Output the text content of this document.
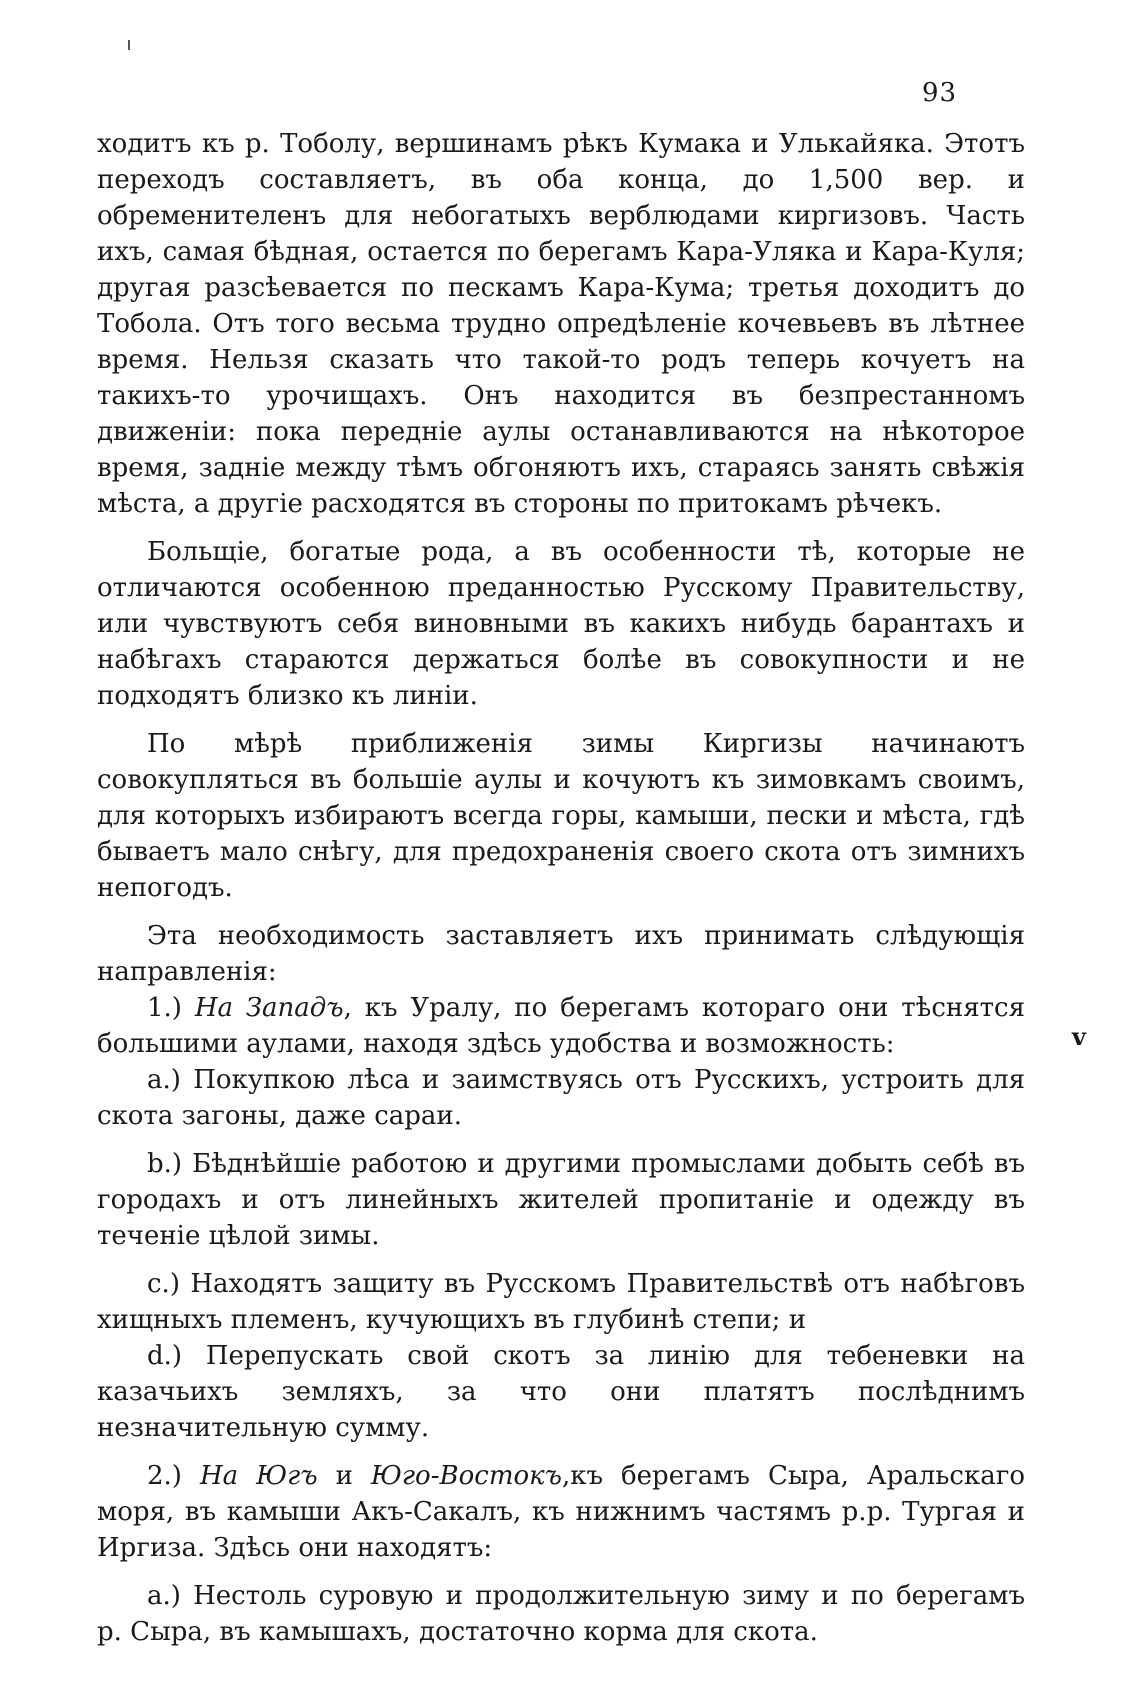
93
v

ходитъ къ р. Тоболу, вершинамъ рѣкъ Кумака и Улькайяка. Этотъ переходъ составляетъ, въ оба конца, до 1,500 вер. и обременителенъ для небогатыхъ верблюдами киргизовъ. Часть ихъ, самая бѣдная, остается по берегамъ Кара-Уляка и Кара-Куля; другая разсѣевается по пескамъ Кара-Кума; третья доходитъ до Тобола. Отъ того весьма трудно опредѣленіе кочевьевъ въ лѣтнее время. Нельзя сказать что такой-то родъ теперь кочуетъ на такихъ-то урочищахъ. Онъ находится въ безпрестанномъ движеніи: пока передніе аулы останавливаются на нѣкоторое время, задніе между тѣмъ обгоняютъ ихъ, стараясь занять свѣжія мѣста, а другіе расходятся въ стороны по притокамъ рѣчекъ.

Больщіе, богатые рода, а въ особенности тѣ, которые не отличаются особенною преданностью Русскому Правительству, или чувствуютъ себя виновными въ какихъ нибудь барантахъ и набѣгахъ стараются держаться болѣе въ совокупности и не подходятъ близко къ линіи.

По мѣрѣ приближенія зимы Киргизы начинаютъ совокупляться въ большіе аулы и кочуютъ къ зимовкамъ своимъ, для которыхъ избираютъ всегда горы, камыши, пески и мѣста, гдѣ бываетъ мало снѣгу, для предохраненія своего скота отъ зимнихъ непогодъ.

Эта необходимость заставляетъ ихъ принимать слѣдующія направленія:

1.) На Западъ, къ Уралу, по берегамъ котораго они тѣснятся большими аулами, находя здѣсь удобства и возможность:

а.) Покупкою лѣса и заимствуясь отъ Русскихъ, устроить для скота загоны, даже сараи.

b.) Бѣднѣйшіе работою и другими промыслами добыть себѣ въ городахъ и отъ линейныхъ жителей пропитаніе и одежду въ теченіе цѣлой зимы.

c.) Находятъ защиту въ Русскомъ Правительствѣ отъ набѣговъ хищныхъ племенъ, кучующихъ въ глубинѣ степи; и

d.) Перепускать свой скотъ за линію для тебеневки на казачьихъ земляхъ, за что они платятъ послѣднимъ незначительную сумму.

2.) На Югъ и Юго-Востокъ,къ берегамъ Сыра, Аральскаго моря, въ камыши Акъ-Сакалъ, къ нижнимъ частямъ р.р. Тургая и Иргиза. Здѣсь они находятъ:

а.) Нестоль суровую и продолжительную зиму и по берегамъ р. Сыра, въ камышахъ, достаточно корма для скота.
